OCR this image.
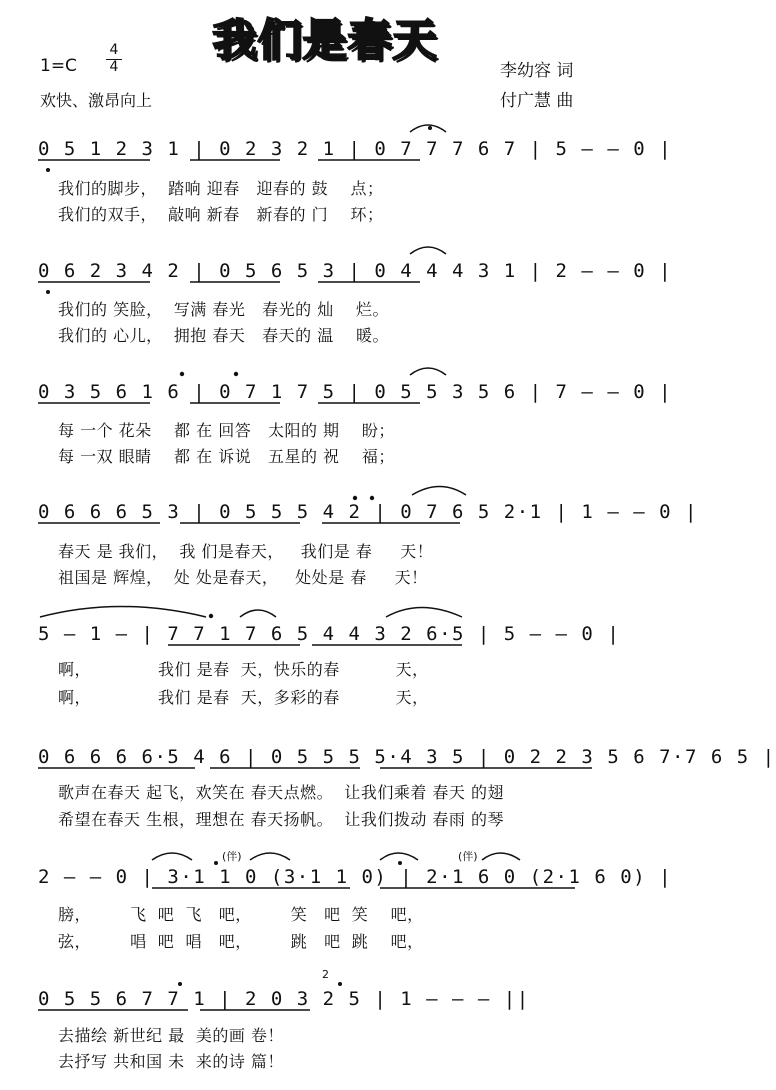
我们是春天
1=C
4
4
欢快、激昂向上
李幼容 词
付广慧 曲
0 5 1 2 3 1 | 0 2 3 2 1 | 0 7 7 7 6 7 | 5 — — 0 |
我们的脚步，  踏响 迎春   迎春的 鼓    点；
我们的双手，  敲响 新春   新春的 门    环；
0 6 2 3 4 2 | 0 5 6 5 3 | 0 4 4 4 3 1 | 2 — — 0 |
我们的 笑脸，  写满 春光   春光的 灿    烂。
我们的 心儿，  拥抱 春天   春天的 温    暖。
0 3 5 6 1 6 | 0 7 1 7 5 | 0 5 5 3 5 6 | 7 — — 0 |
每 一个 花朵    都 在 回答   太阳的 期    盼；
每 一双 眼睛    都 在 诉说   五星的 祝    福；
0 6 6 6 5 3 | 0 5 5 5 4 2 | 0 7 6 5 2·1 | 1 — — 0 |
春天 是 我们，  我 们是春天，   我们是 春     天！
祖国是 辉煌，  处 处是春天，   处处是 春     天！
5 — 1 — | 7 7 1 7 6 5 4 4 3 2 6·5 | 5 — — 0 |
啊，            我们 是春  天，快乐的春          天，
啊，            我们 是春  天，多彩的春          天，
0 6 6 6 6·5 4 6 | 0 5 5 5 5·4 3 5 | 0 2 2 3 5 6 7·7 6 5 |
歌声在春天 起飞，欢笑在 春天点燃。  让我们乘着 春天 的翅
希望在春天 生根，理想在 春天扬帆。  让我们拨动 春雨 的琴
(伴)	(伴)
2 — — 0 | 3·1 1 0 (3·1 1 0) | 2·1 6 0 (2·1 6 0) |
膀，       飞  吧  飞   吧，       笑   吧  笑    吧，
弦，       唱  吧  唱   吧，       跳   吧  跳    吧，
2
0 5 5 6 7 7 1 | 2 0 3 2 5 | 1 — — — ||
去描绘 新世纪 最  美的画 卷！
去抒写 共和国 未  来的诗 篇！
